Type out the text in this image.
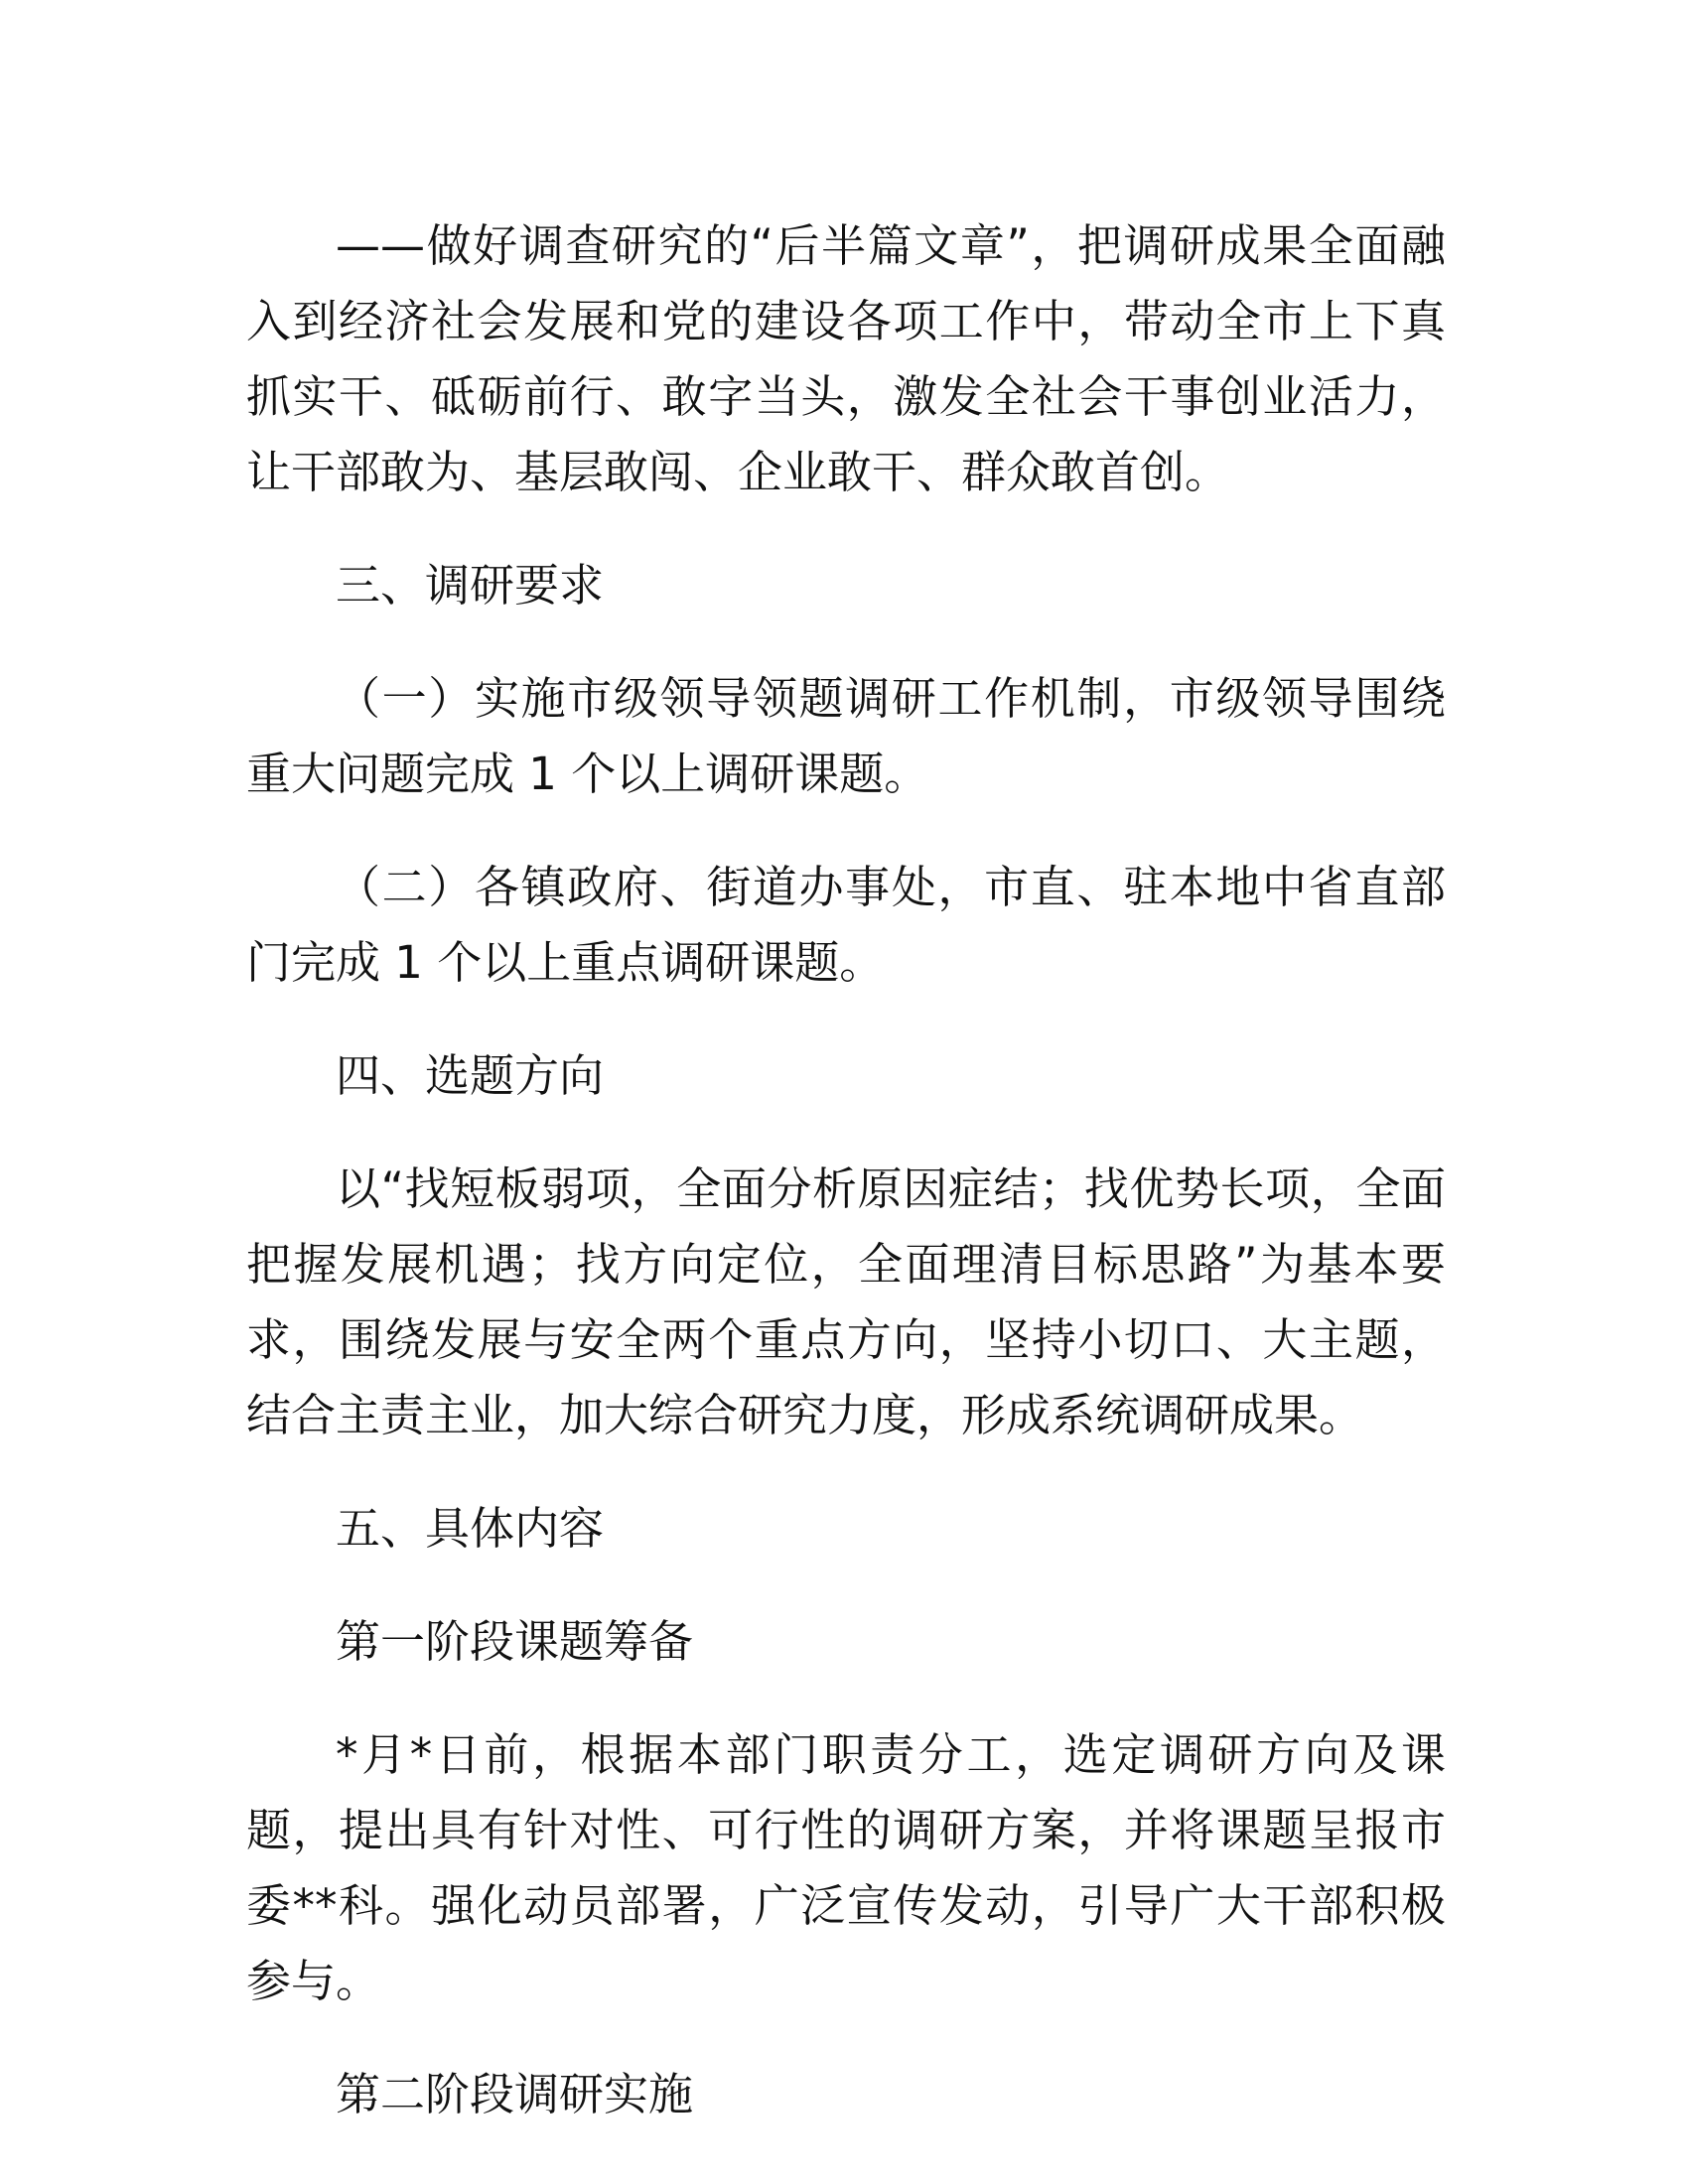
——做好调查研究的“后半篇文章”，把调研成果全面融入到经济社会发展和党的建设各项工作中，带动全市上下真抓实干、砥砺前行、敢字当头，激发全社会干事创业活力，让干部敢为、基层敢闯、企业敢干、群众敢首创。

三、调研要求

（一）实施市级领导领题调研工作机制，市级领导围绕重大问题完成 1 个以上调研课题。

（二）各镇政府、街道办事处，市直、驻本地中省直部门完成 1 个以上重点调研课题。

四、选题方向

以“找短板弱项，全面分析原因症结；找优势长项，全面把握发展机遇；找方向定位，全面理清目标思路”为基本要求，围绕发展与安全两个重点方向，坚持小切口、大主题，结合主责主业，加大综合研究力度，形成系统调研成果。

五、具体内容

第一阶段课题筹备

*月*日前，根据本部门职责分工，选定调研方向及课题，提出具有针对性、可行性的调研方案，并将课题呈报市委**科。强化动员部署，广泛宣传发动，引导广大干部积极参与。

第二阶段调研实施
